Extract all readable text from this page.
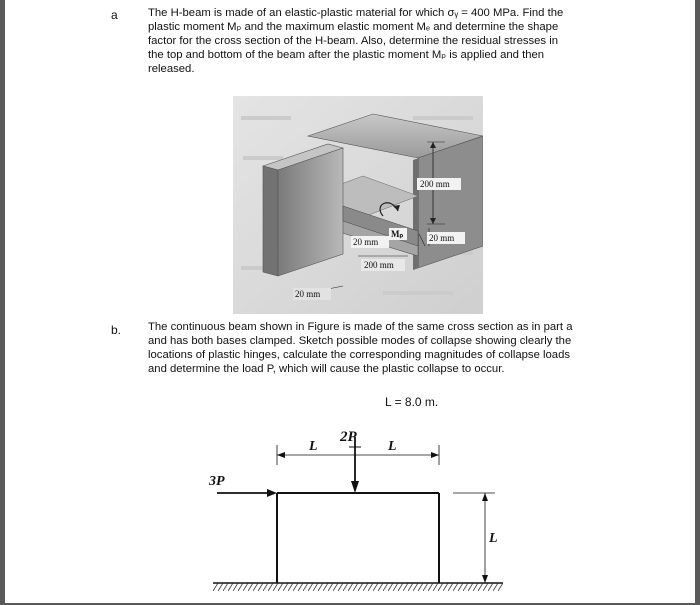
a	The H-beam is made of an elastic-plastic material for which σᵧ = 400 MPa. Find the
plastic moment Mₚ and the maximum elastic moment Mₑ and determine the shape
factor for the cross section of the H-beam. Also, determine the residual stresses in
the top and bottom of the beam after the plastic moment Mₚ is applied and then
released.

200 mm
20 mm
Mₚ	20 mm
200 mm
20 mm
b. The continuous beam shown in Figure is made of the same cross section as in part a
and has both bases clamped. Sketch possible modes of collapse showing clearly the
locations of plastic hinges, calculate the corresponding magnitudes of collapse loads
and determine the load P, which will cause the plastic collapse to occur.

L = 8.0 m.
2P
3P
L	L
L
